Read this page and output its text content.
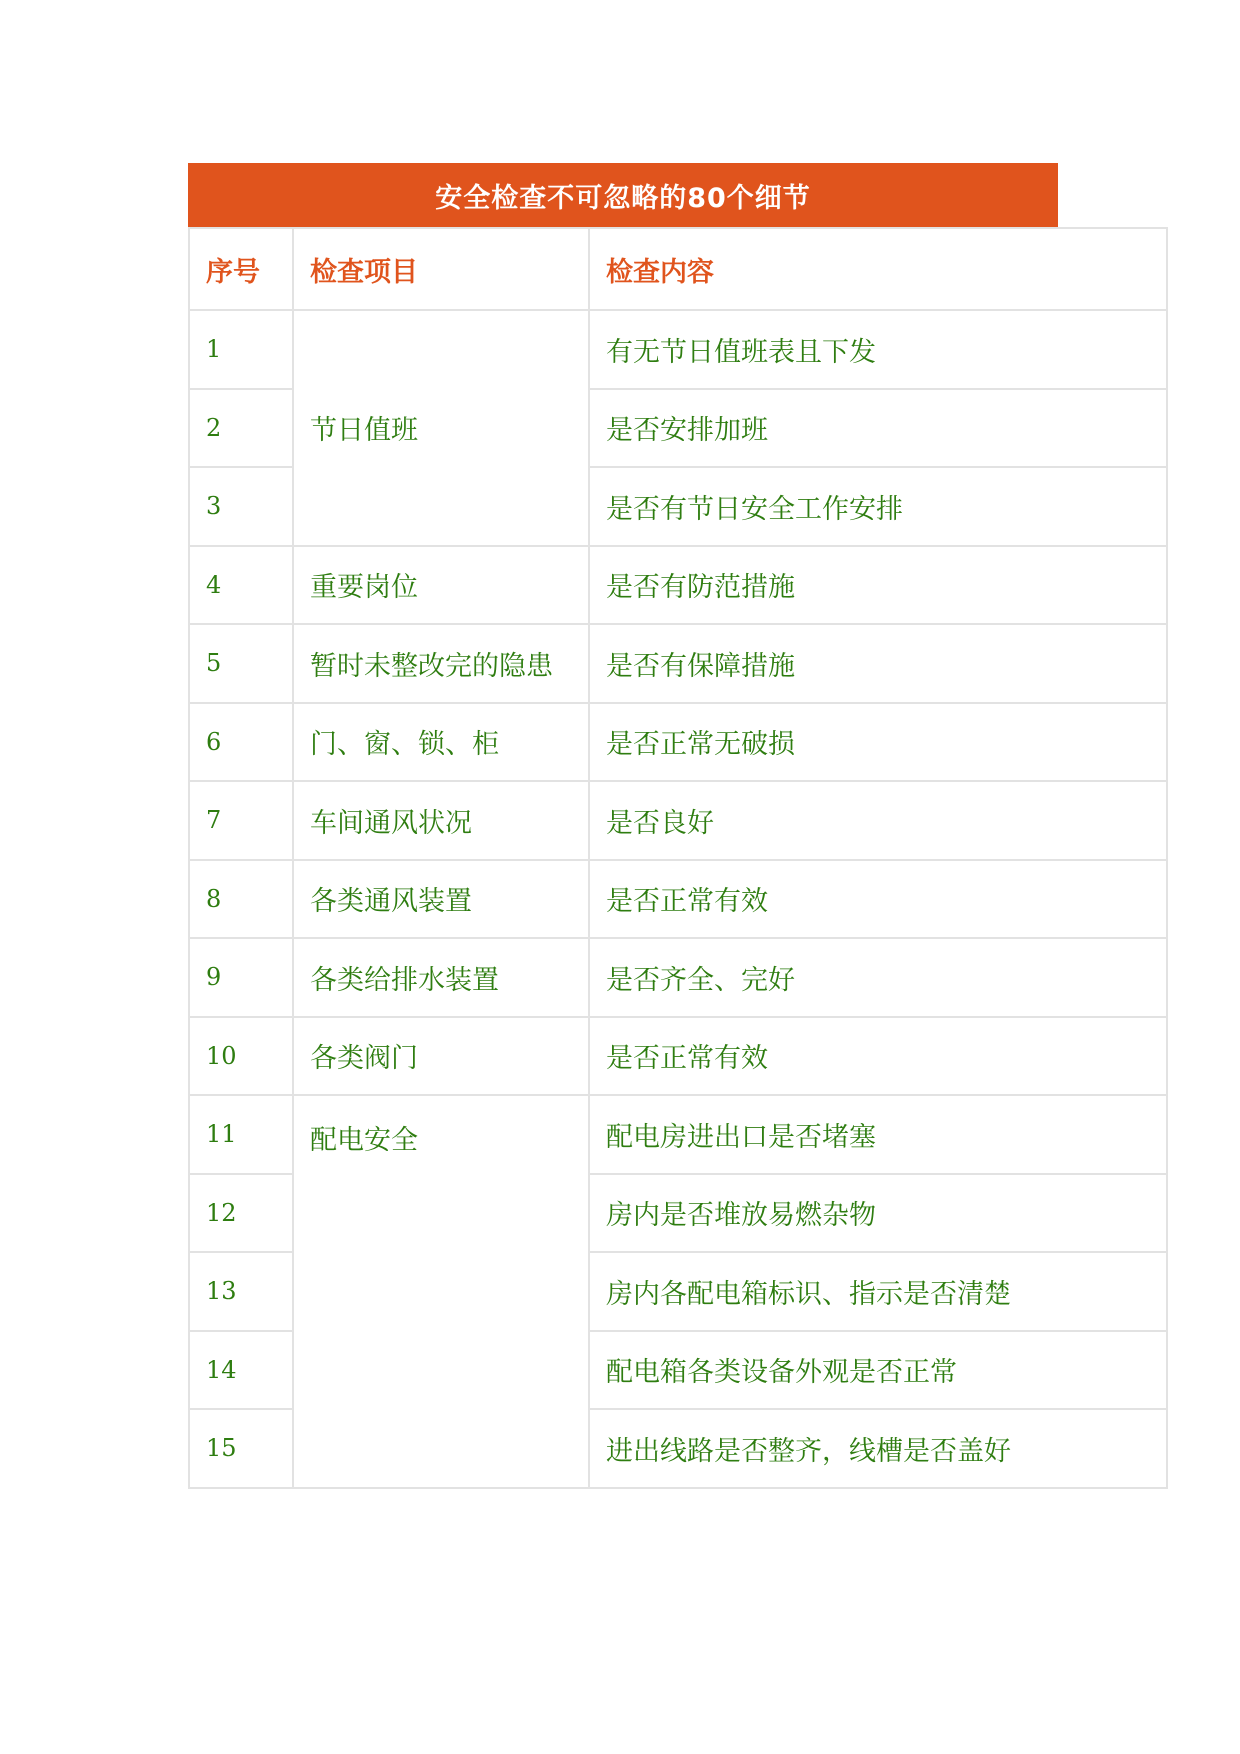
安全检查不可忽略的80个细节
序号	检查项目	检查内容
1	节日值班	有无节日值班表且下发
2		是否安排加班
3		是否有节日安全工作安排
4	重要岗位	是否有防范措施
5	暂时未整改完的隐患	是否有保障措施
6	门、窗、锁、柜	是否正常无破损
7	车间通风状况	是否良好
8	各类通风装置	是否正常有效
9	各类给排水装置	是否齐全、完好
10	各类阀门	是否正常有效
11	配电安全	配电房进出口是否堵塞
12		房内是否堆放易燃杂物
13		房内各配电箱标识、指示是否清楚
14		配电箱各类设备外观是否正常
15		进出线路是否整齐，线槽是否盖好
